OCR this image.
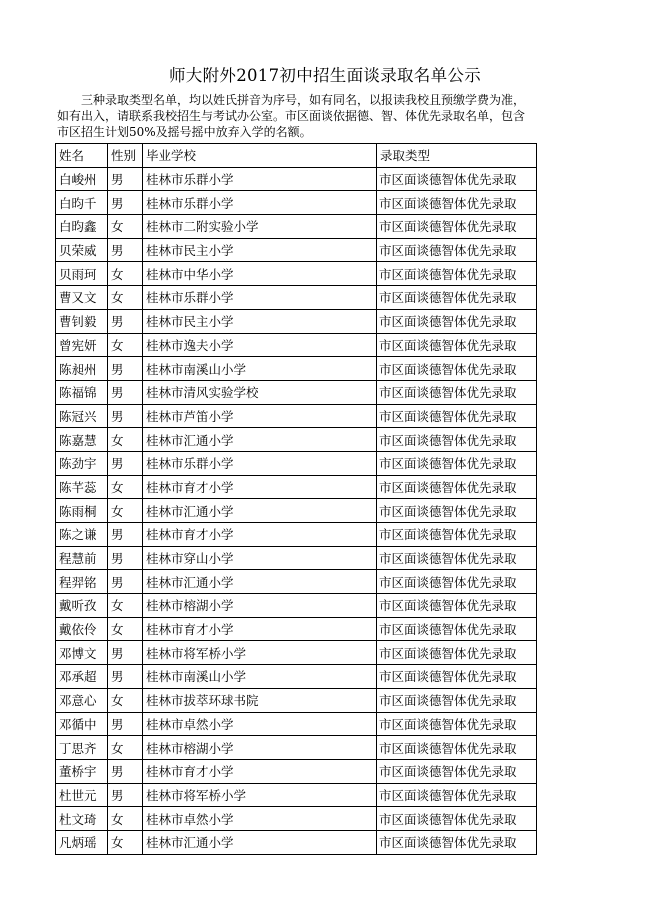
师大附外2017初中招生面谈录取名单公示

三种录取类型名单，均以姓氏拼音为序号，如有同名，以报读我校且预缴学费为准，

如有出入，请联系我校招生与考试办公室。市区面谈依据德、智、体优先录取名单，包含

市区招生计划50%及摇号摇中放弃入学的名额。

姓名	性别	毕业学校	录取类型
白峻州	男	桂林市乐群小学	市区面谈德智体优先录取
白昀千	男	桂林市乐群小学	市区面谈德智体优先录取
白昀鑫	女	桂林市二附实验小学	市区面谈德智体优先录取
贝荣威	男	桂林市民主小学	市区面谈德智体优先录取
贝雨珂	女	桂林市中华小学	市区面谈德智体优先录取
曹又文	女	桂林市乐群小学	市区面谈德智体优先录取
曹钊毅	男	桂林市民主小学	市区面谈德智体优先录取
曾宪妍	女	桂林市逸夫小学	市区面谈德智体优先录取
陈昶州	男	桂林市南溪山小学	市区面谈德智体优先录取
陈福锦	男	桂林市清风实验学校	市区面谈德智体优先录取
陈冠兴	男	桂林市芦笛小学	市区面谈德智体优先录取
陈嘉慧	女	桂林市汇通小学	市区面谈德智体优先录取
陈劲宇	男	桂林市乐群小学	市区面谈德智体优先录取
陈芊蕊	女	桂林市育才小学	市区面谈德智体优先录取
陈雨桐	女	桂林市汇通小学	市区面谈德智体优先录取
陈之谦	男	桂林市育才小学	市区面谈德智体优先录取
程慧前	男	桂林市穿山小学	市区面谈德智体优先录取
程羿铭	男	桂林市汇通小学	市区面谈德智体优先录取
戴听孜	女	桂林市榕湖小学	市区面谈德智体优先录取
戴依伶	女	桂林市育才小学	市区面谈德智体优先录取
邓博文	男	桂林市将军桥小学	市区面谈德智体优先录取
邓承超	男	桂林市南溪山小学	市区面谈德智体优先录取
邓意心	女	桂林市拔萃环球书院	市区面谈德智体优先录取
邓循中	男	桂林市卓然小学	市区面谈德智体优先录取
丁思齐	女	桂林市榕湖小学	市区面谈德智体优先录取
董桥宇	男	桂林市育才小学	市区面谈德智体优先录取
杜世元	男	桂林市将军桥小学	市区面谈德智体优先录取
杜文琦	女	桂林市卓然小学	市区面谈德智体优先录取
凡炳瑶	女	桂林市汇通小学	市区面谈德智体优先录取
